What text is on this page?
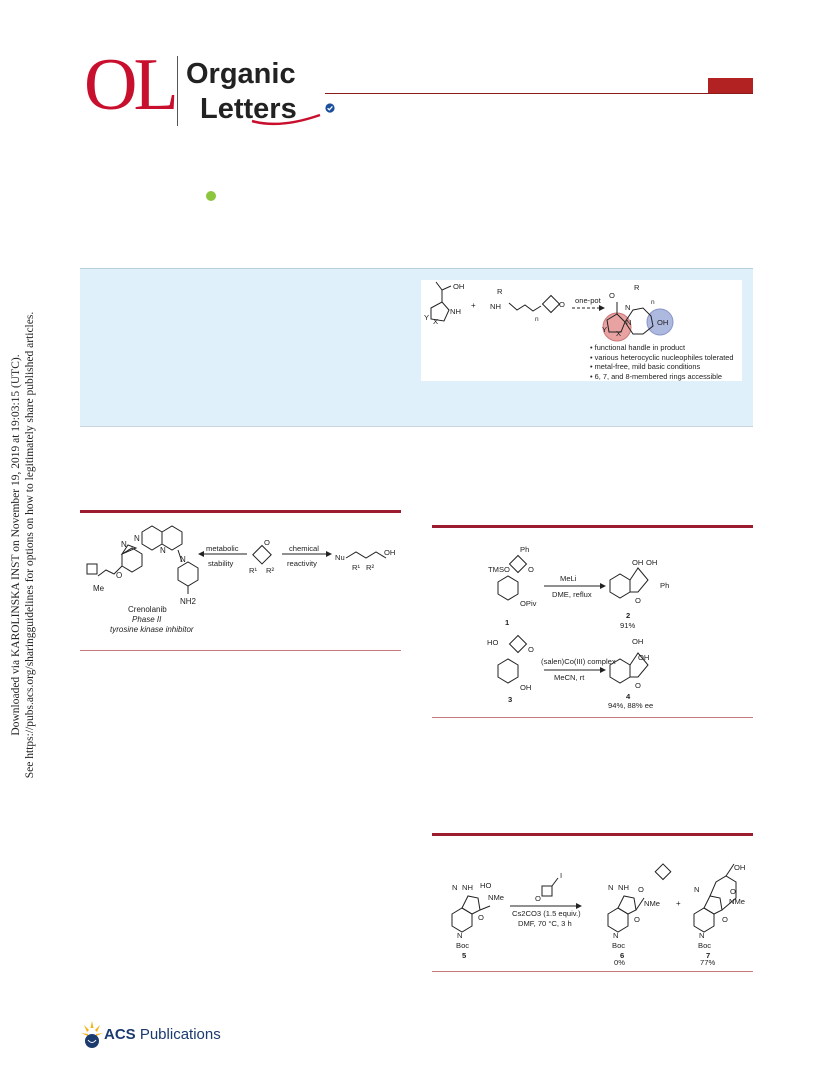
Downloaded via KAROLINSKA INST on November 19, 2019 at 19:03:15 (UTC). See https://pubs.acs.org/sharingguidelines for options on how to legitimately share published articles.
OL Organic
Letters
OH
NH
X
Y
R
NH
n
O
+
one-pot
O
N
R
n
N
Y X
OH
• functional handle in product
• various heterocyclic nucleophiles tolerated
• metal-free, mild basic conditions
• 6, 7, and 8-membered rings accessible
N
N
N
N
O
Me
NH2
Crenolanib
Phase II
tyrosine kinase inhibitor
metabolic
stability
chemical
reactivity
O
R¹ R²
Nu
R¹ R²
OH	Ph
TMSO O
OPiv
1
MeLi
DME, reflux
OH OH
Ph
O
2
91%
HO
O
OH
3
(salen)Co(III) complex
MeCN, rt
OH
OH
O
4
94%, 88% ee
N NH HO
NMe
O
N
Boc
5
O
I
Cs2CO3 (1.5 equiv.)
DMF, 70 °C, 3 h
N NH O
NMe
O
N
Boc
6
0%
+
OH
N	O
NMe
O
N
Boc
7
77%
ACS Publications
